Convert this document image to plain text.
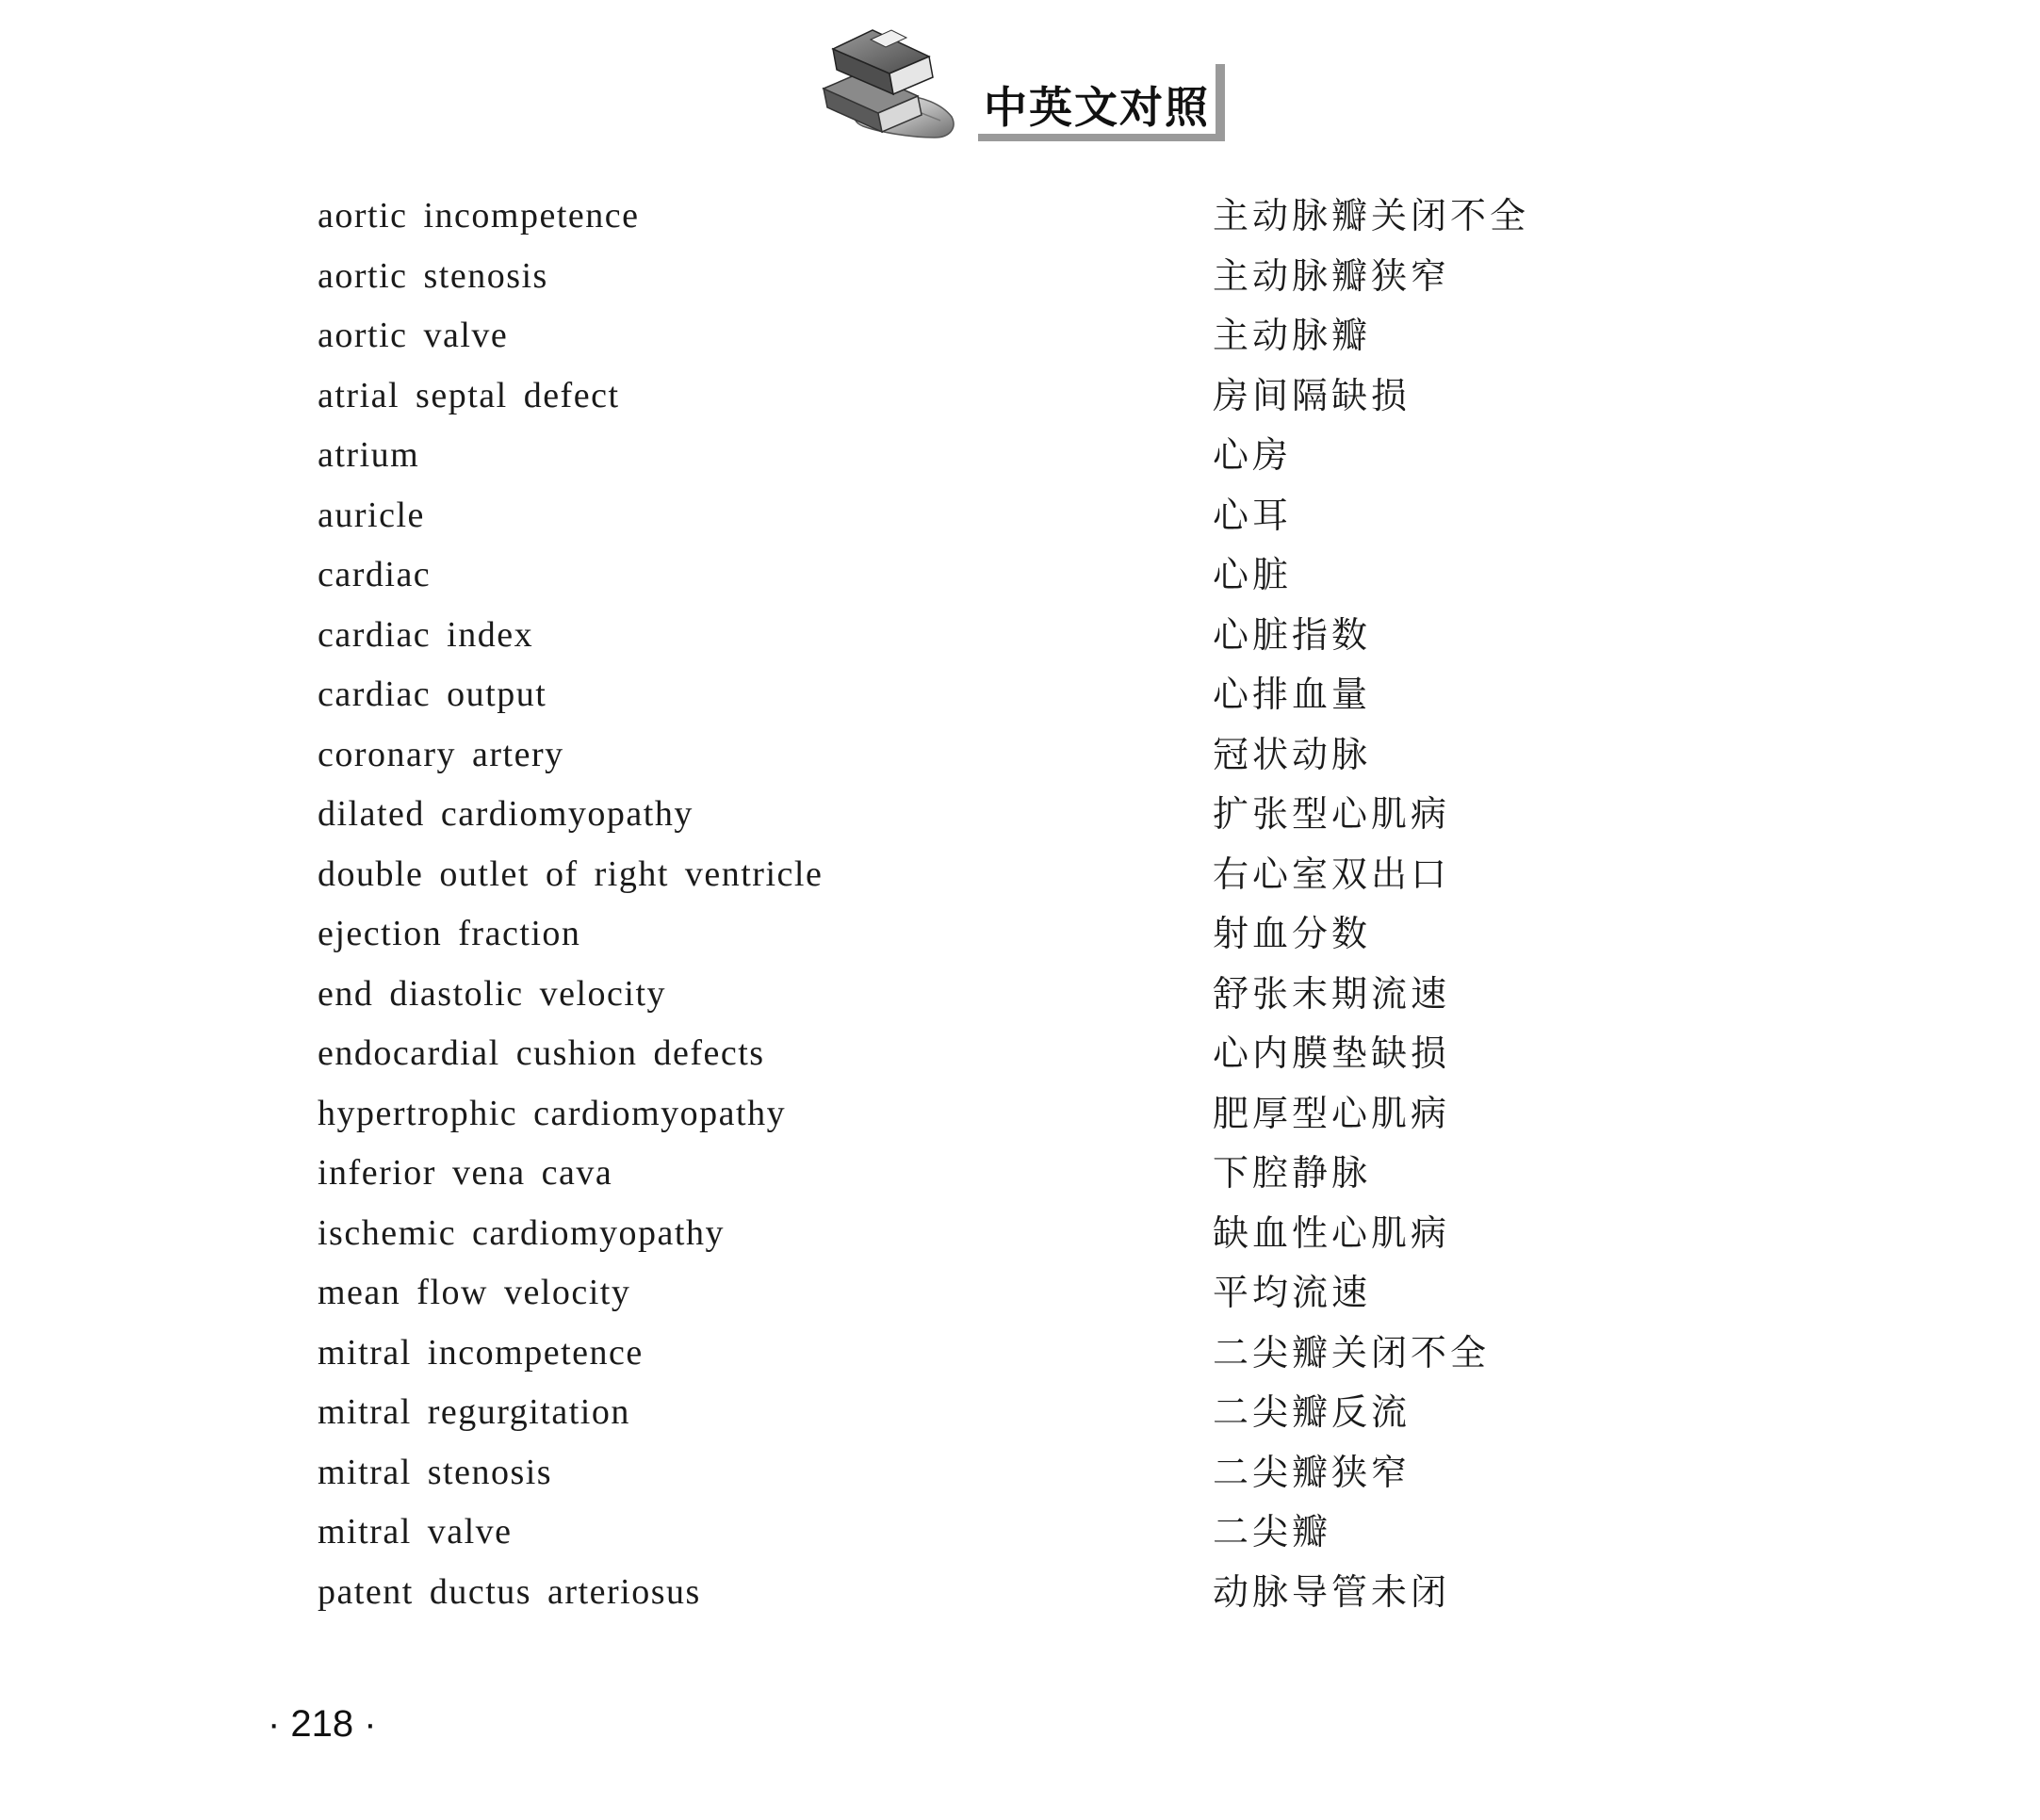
中英文对照
aortic incompetence	主动脉瓣关闭不全
aortic stenosis	主动脉瓣狭窄
aortic valve	主动脉瓣
atrial septal defect	房间隔缺损
atrium	心房
auricle	心耳
cardiac	心脏
cardiac index	心脏指数
cardiac output	心排血量
coronary artery	冠状动脉
dilated cardiomyopathy	扩张型心肌病
double outlet of right ventricle	右心室双出口
ejection fraction	射血分数
end diastolic velocity	舒张末期流速
endocardial cushion defects	心内膜垫缺损
hypertrophic cardiomyopathy	肥厚型心肌病
inferior vena cava	下腔静脉
ischemic cardiomyopathy	缺血性心肌病
mean flow velocity	平均流速
mitral incompetence	二尖瓣关闭不全
mitral regurgitation	二尖瓣反流
mitral stenosis	二尖瓣狭窄
mitral valve	二尖瓣
patent ductus arteriosus	动脉导管未闭
· 218 ·
